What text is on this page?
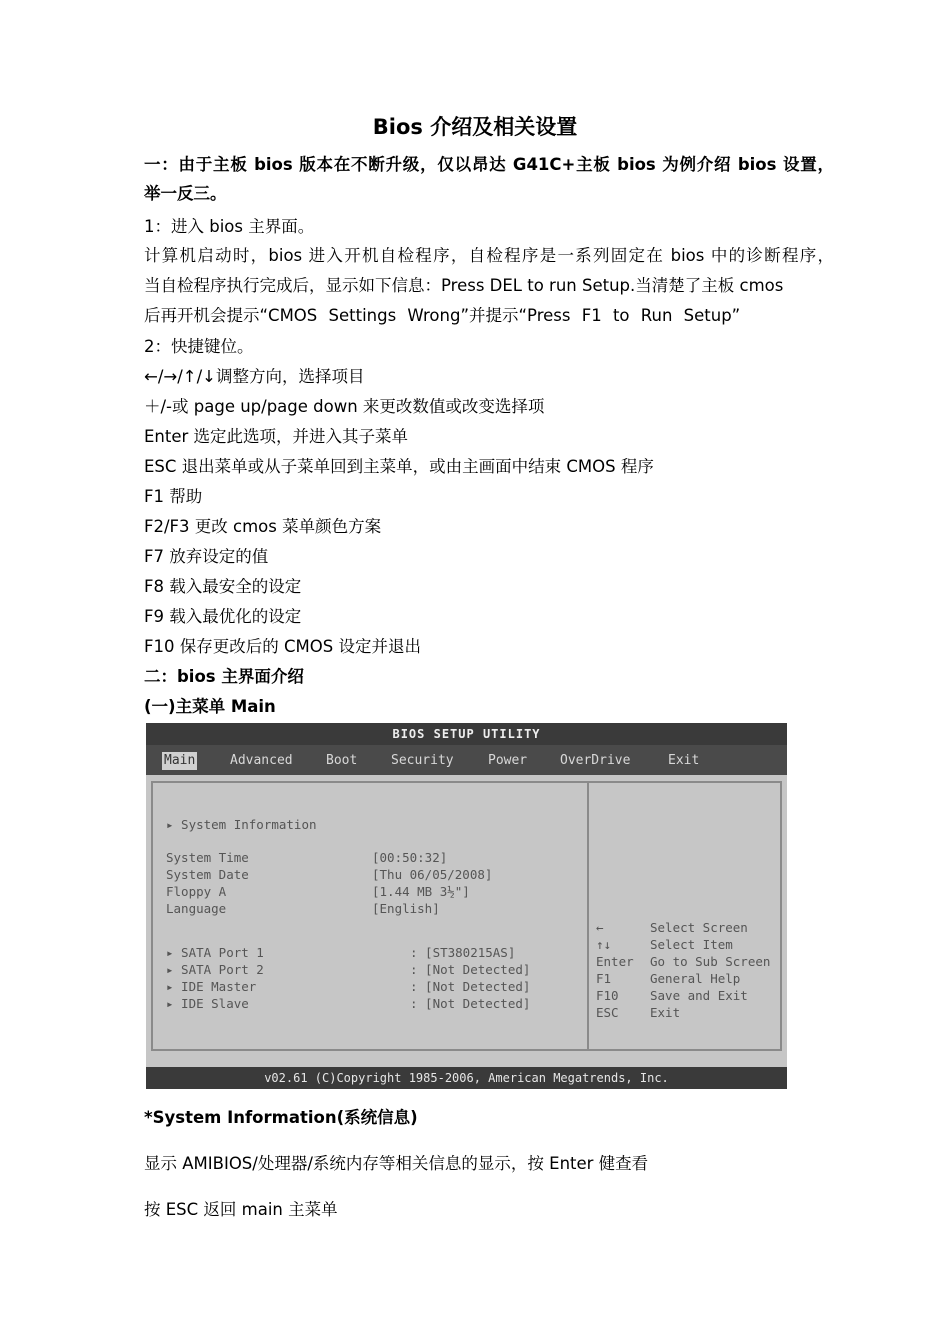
Bios 介绍及相关设置
一：由于主板 bios 版本在不断升级，仅以昂达 G41C+主板 bios 为例介绍 bios 设置，
举一反三。
1：进入 bios 主界面。
计算机启动时，bios 进入开机自检程序，自检程序是一系列固定在 bios 中的诊断程序，
当自检程序执行完成后，显示如下信息：Press DEL to run Setup.当清楚了主板 cmos
后再开机会提示“CMOS Settings Wrong”并提示“Press F1 to Run Setup”
2：快捷键位。
←/→/↑/↓调整方向，选择项目
＋/-或 page up/page down 来更改数值或改变选择项
Enter 选定此选项，并进入其子菜单
ESC 退出菜单或从子菜单回到主菜单，或由主画面中结束 CMOS 程序
F1 帮助
F2/F3 更改 cmos 菜单颜色方案
F7 放弃设定的值
F8 载入最安全的设定
F9 载入最优化的设定
F10 保存更改后的 CMOS 设定并退出
二：bios 主界面介绍
(一)主菜单 Main
BIOS SETUP UTILITY
Main	Advanced	Boot	Security	Power	OverDrive	Exit
▸ System Information
System Time	[00:50:32]
System Date	[Thu 06/05/2008]
Floppy A	[1.44 MB 3½"]
Language	[English]
▸ SATA Port 1	: [ST380215AS]
▸ SATA Port 2	: [Not Detected]
▸ IDE Master	: [Not Detected]
▸ IDE Slave	: [Not Detected]
←	Select Screen
↑↓	Select Item
Enter Go to Sub Screen
F1	General Help
F10	Save and Exit
ESC	Exit
v02.61 (C)Copyright 1985-2006, American Megatrends, Inc.
*System Information(系统信息)
显示 AMIBIOS/处理器/系统内存等相关信息的显示，按 Enter 健查看
按 ESC 返回 main 主菜单
